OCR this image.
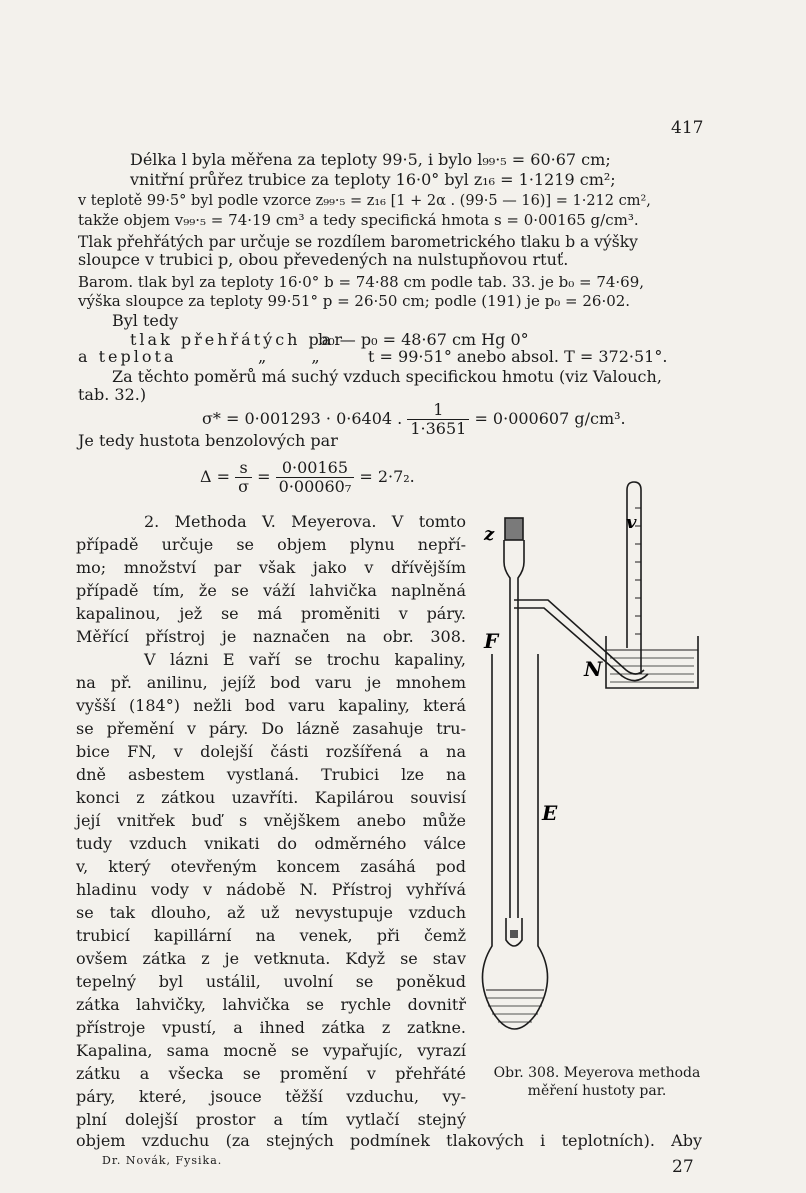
417
Délka l byla měřena za teploty 99·5, i bylo l₉₉·₅ = 60·67 cm;
vnitřní průřez trubice za teploty 16·0° byl z₁₆ = 1·1219 cm²;
v teplotě 99·5° byl podle vzorce z₉₉·₅ = z₁₆ [1 + 2α . (99·5 — 16)] = 1·212 cm²,
takže objem v₉₉·₅ = 74·19 cm³ a tedy specifická hmota s = 0·00165 g/cm³.
Tlak přehřátých par určuje se rozdílem barometrického tlaku b a výšky
sloupce v trubici p, obou převedených na nulstupňovou rtuť.
Barom. tlak byl za teploty 16·0° b = 74·88 cm podle tab. 33. je b₀ = 74·69,
výška sloupce za teploty 99·51° p = 26·50 cm; podle (191) je p₀ = 26·02.
Byl tedy
tlak přehřátých par
b₀ — p₀ = 48·67 cm Hg 0°
a teplota	„ „ t = 99·51° anebo absol. T = 372·51°.
Za těchto poměrů má suchý vzduch specifickou hmotu (viz Valouch,
tab. 32.)
σ* = 0·001293 · 0·6404 . $\frac{1}{1\cdot 3651} = 0\cdot 000607$ g/cm³.
Je tedy hustota benzolových par
$\Delta = \frac{s}{\sigma} = \frac{0\cdot 00165}{\text{0·00060₇}} = 2\cdot 7_2$.
2. Methoda V. Meyerova. V tomto
případě určuje se objem plynu nepří-
mo; množství par však jako v dřívějším
případě tím, že se váží lahvička naplněná
kapalinou, jež se má proměniti v páry.
Měřící přístroj je naznačen na obr. 308.
V lázni E vaří se trochu kapaliny,
na př. anilinu, jejíž bod varu je mnohem
vyšší (184°) nežli bod varu kapaliny, která
se přemění v páry. Do lázně zasahuje tru-
bice FN, v dolejší části rozšířená a na
dně asbestem vystlaná. Trubici lze na
konci z zátkou uzavříti. Kapilárou souvisí
její vnitřek buď s vnějškem anebo může
tudy vzduch vnikati do odměrného válce
v, který otevřeným koncem zasáhá pod
hladinu vody v nádobě N. Přístroj vyhřívá
se tak dlouho, až už nevystupuje vzduch
trubicí kapillární na venek, při čemž
ovšem zátka z je vetknuta. Když se stav
tepelný byl ustálil, uvolní se poněkud
zátka lahvičky, lahvička se rychle dovnitř
přístroje vpustí, a ihned zátka z zatkne.
Kapalina, sama mocně se vypařujíc, vyrazí
zátku a všecka se promění v přehřáté
páry, které, jsouce těžší vzduchu, vy-
plní dolejší prostor a tím vytlačí stejný
objem vzduchu (za stejných podmínek tlakových i teplotních). Aby
z
v
F
N
E
Obr. 308. Meyerova methoda
měření hustoty par.
Dr. Novák, Fysika.	27
